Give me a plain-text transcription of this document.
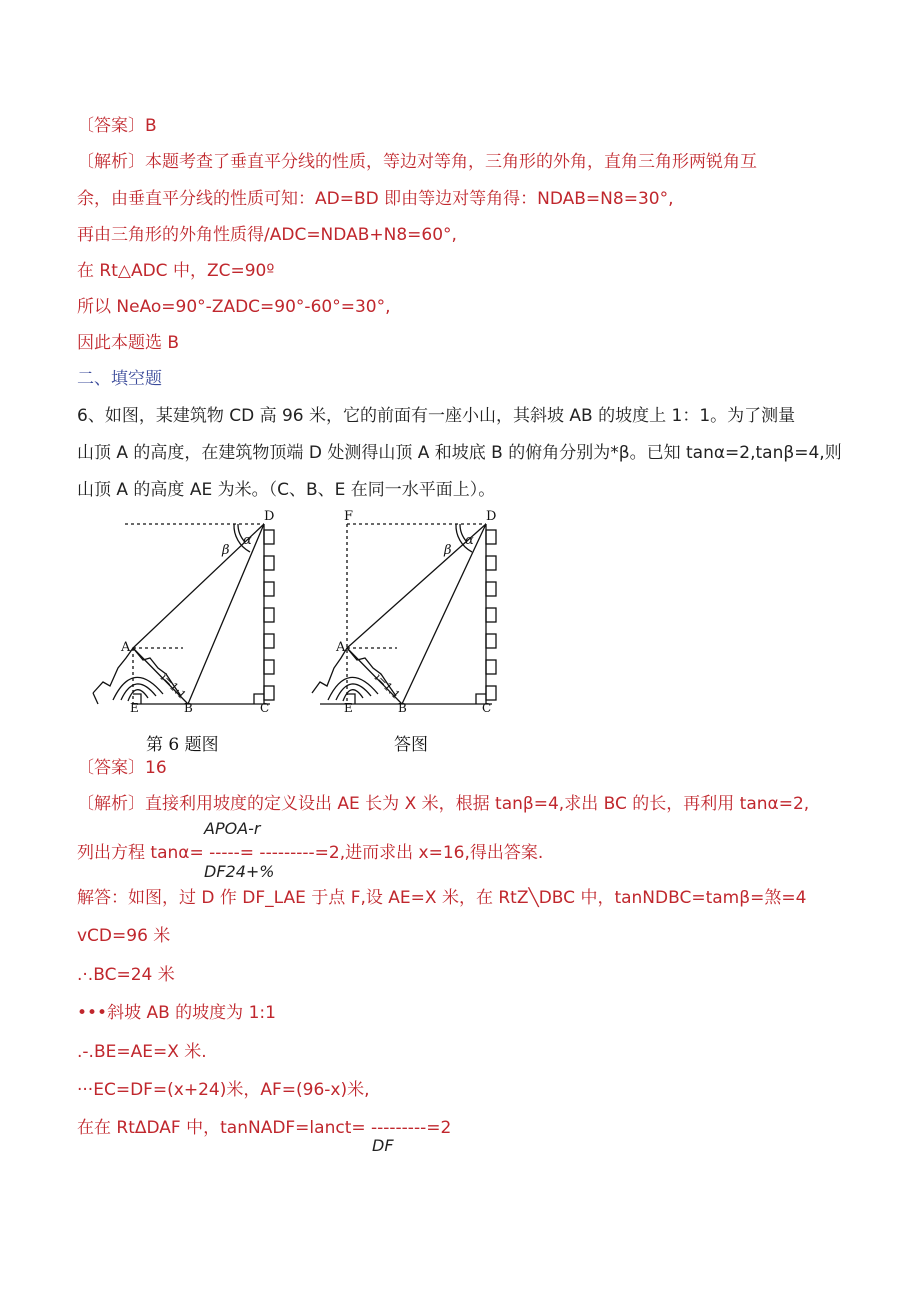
〔答案〕B
〔解析〕本题考查了垂直平分线的性质，等边对等角，三角形的外角，直角三角形两锐角互
余，由垂直平分线的性质可知：AD=BD 即由等边对等角得：NDAB=N8=30°,
再由三角形的外角性质得∕ADC=NDAB+N8=60°,
在 Rt△ADC 中，ZC=90º
所以 NeAo=90°-ZADC=90°-60°=30°,
因此本题选 B
二、填空题
6、如图，某建筑物 CD 高 96 米，它的前面有一座小山，其斜坡 AB 的坡度上 1：1。为了测量
山顶 A 的高度，在建筑物顶端 D 处测得山顶 A 和坡底 B 的俯角分别为*β。已知 tanα=2,tanβ=4,则
山顶 A 的高度 AE 为米。（C、B、E 在同一水平面上）。
D
A
B	C
E
α
β
i=1:1
F	D
A
B	C
E
α
β
i=1:1
第 6 题图	答图
〔答案〕16
〔解析〕直接利用坡度的定义设出 AE 长为 X 米，根据 tanβ=4,求出 BC 的长，再利用 tanα=2,
APOA-r
列出方程 tanα= -----= ---------=2,进而求出 x=16,得出答案.
DF24+%
解答：如图，过 D 作 DF_LAE 于点 F,设 AE=X 米，在 RtZ╲DBC 中，tanNDBC=tamβ=煞=4
vCD=96 米
.·.BC=24 米
•••斜坡 AB 的坡度为 1:1
.-.BE=AE=X 米.
···EC=DF=(x+24)米，AF=(96-x)米,
在在 RtΔDAF 中，tanNADF=lanct= ---------=2
DF
